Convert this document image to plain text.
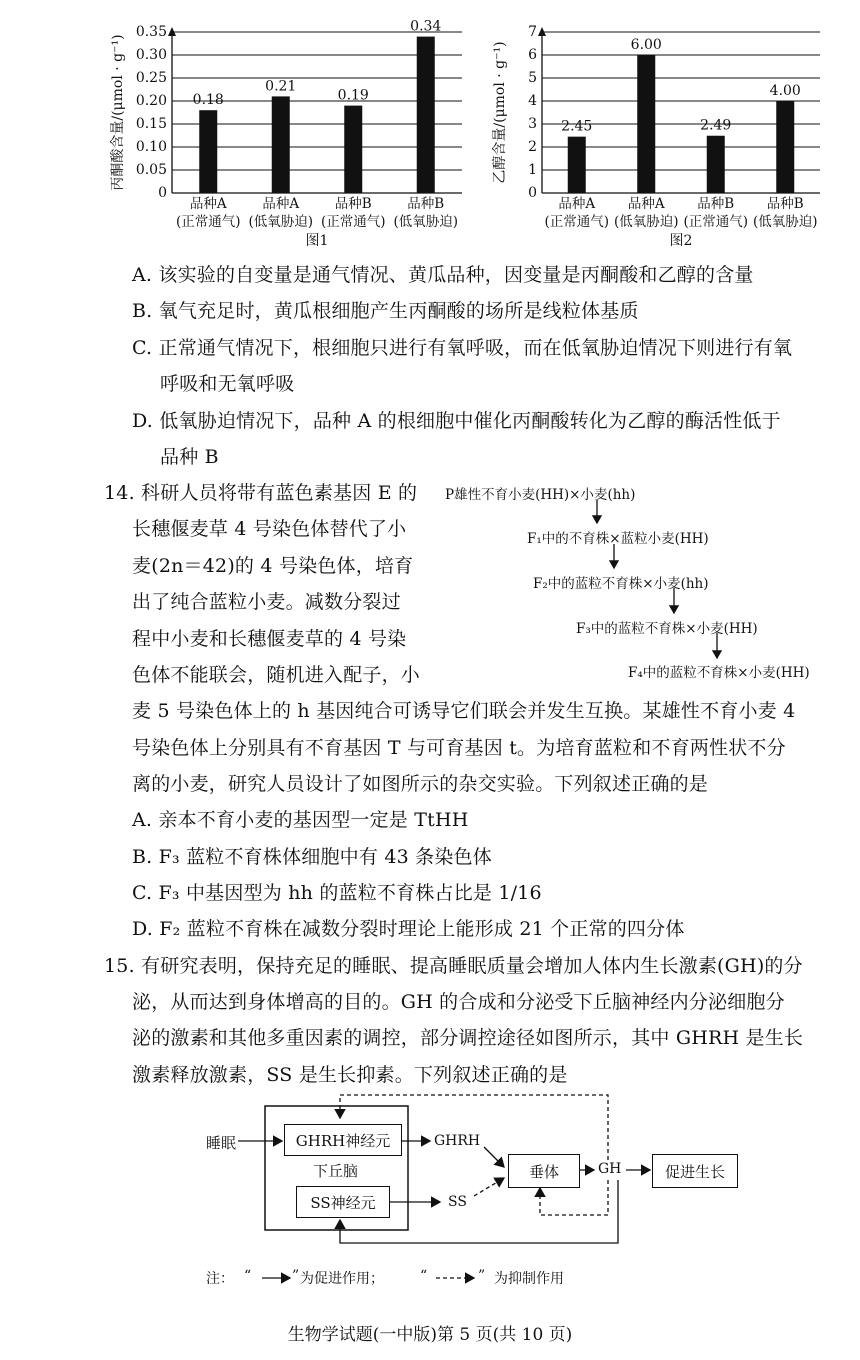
0
0.05
0.10
0.15
0.20
0.25
0.30
0.35
丙酮酸含量/(μmol · g⁻¹)	0.18
品种A
(正常通气)
0.21
品种A
(低氧胁迫)
0.19
品种B
(正常通气)
0.34
品种B
(低氧胁迫)
图1
0
1
2
3
4
5
6
7
乙醇含量/(μmol · g⁻¹)	2.45
品种A
(正常通气)
6.00
品种A
(低氧胁迫)
2.49
品种B
(正常通气)
4.00
品种B
(低氧胁迫)
图2
A. 该实验的自变量是通气情况、黄瓜品种，因变量是丙酮酸和乙醇的含量
B. 氧气充足时，黄瓜根细胞产生丙酮酸的场所是线粒体基质
C. 正常通气情况下，根细胞只进行有氧呼吸，而在低氧胁迫情况下则进行有氧
呼吸和无氧呼吸
D. 低氧胁迫情况下，品种 A 的根细胞中催化丙酮酸转化为乙醇的酶活性低于
品种 B
14. 科研人员将带有蓝色素基因 E 的
长穗偃麦草 4 号染色体替代了小
麦(2n＝42)的 4 号染色体，培育
出了纯合蓝粒小麦。减数分裂过
程中小麦和长穗偃麦草的 4 号染
色体不能联会，随机进入配子，小
麦 5 号染色体上的 h 基因纯合可诱导它们联会并发生互换。某雄性不育小麦 4
号染色体上分别具有不育基因 T 与可育基因 t。为培育蓝粒和不育两性状不分
离的小麦，研究人员设计了如图所示的杂交实验。下列叙述正确的是
A. 亲本不育小麦的基因型一定是 TtHH
B. F₃ 蓝粒不育株体细胞中有 43 条染色体
C. F₃ 中基因型为 hh 的蓝粒不育株占比是 1/16
D. F₂ 蓝粒不育株在减数分裂时理论上能形成 21 个正常的四分体
P雄性不育小麦(HH)×小麦(hh)
F₁中的不育株×蓝粒小麦(HH)
F₂中的蓝粒不育株×小麦(hh)
F₃中的蓝粒不育株×小麦(HH)
F₄中的蓝粒不育株×小麦(HH)
15. 有研究表明，保持充足的睡眠、提高睡眠质量会增加人体内生长激素(GH)的分
泌，从而达到身体增高的目的。GH 的合成和分泌受下丘脑神经内分泌细胞分
泌的激素和其他多重因素的调控，部分调控途径如图所示，其中 GHRH 是生长
激素释放激素，SS 是生长抑素。下列叙述正确的是
睡眠	GHRH神经元
下丘脑
SS神经元
GHRH
SS
垂体	GH	促进生长
注： “	” 为促进作用；	“	” 为抑制作用
生物学试题(一中版)第 5 页(共 10 页)
